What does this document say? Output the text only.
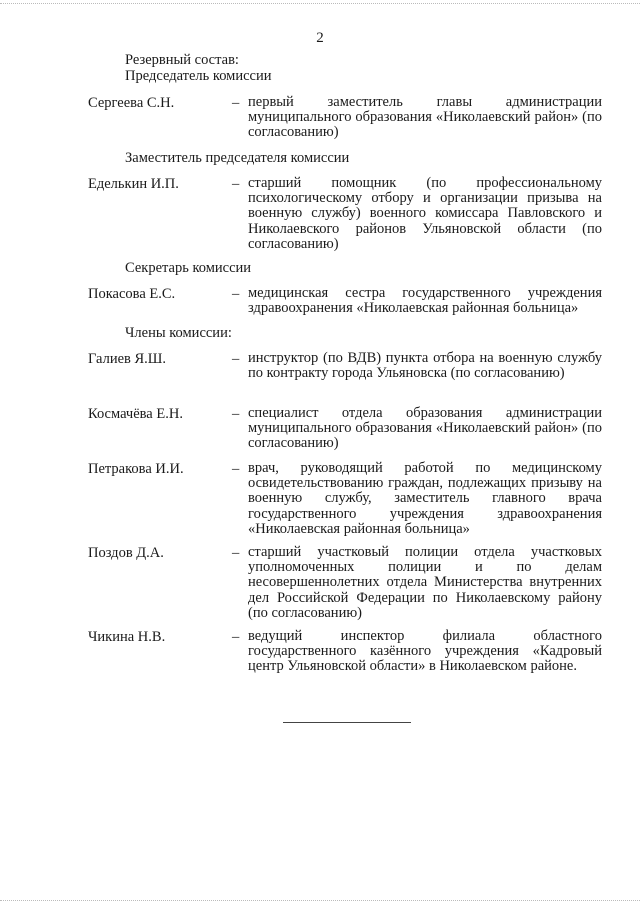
2
Резервный состав:
Председатель комиссии
Сергеева С.Н.	– первый заместитель главы администрации муниципального образования «Николаевский район» (по согласованию)
Заместитель председателя комиссии
Еделькин И.П.	– старший помощник (по профессиональному психологическому отбору и организации призыва на военную службу) военного комиссара Павловского и Николаевского районов Ульяновской области (по согласованию)
Секретарь комиссии
Покасова Е.С.	– медицинская сестра государственного учреждения здравоохранения «Николаевская районная больница»
Члены комиссии:
Галиев Я.Ш.	– инструктор (по ВДВ) пункта отбора на военную службу по контракту города Ульяновска (по согласованию)
Космачёва Е.Н.	– специалист отдела образования администрации муниципального образования «Николаевский район» (по согласованию)
Петракова И.И.	– врач, руководящий работой по медицинскому освидетельствованию граждан, подлежащих призыву на военную службу, заместитель главного врача государственного учреждения здравоохранения «Николаевская районная больница»
Поздов Д.А.	– старший участковый полиции отдела участковых уполномоченных полиции и по делам несовершеннолетних отдела Министерства внутренних дел Российской Федерации по Николаевскому району (по согласованию)
Чикина Н.В.	– ведущий инспектор филиала областного государственного казённого учреждения «Кадровый центр Ульяновской области» в Николаевском районе.
